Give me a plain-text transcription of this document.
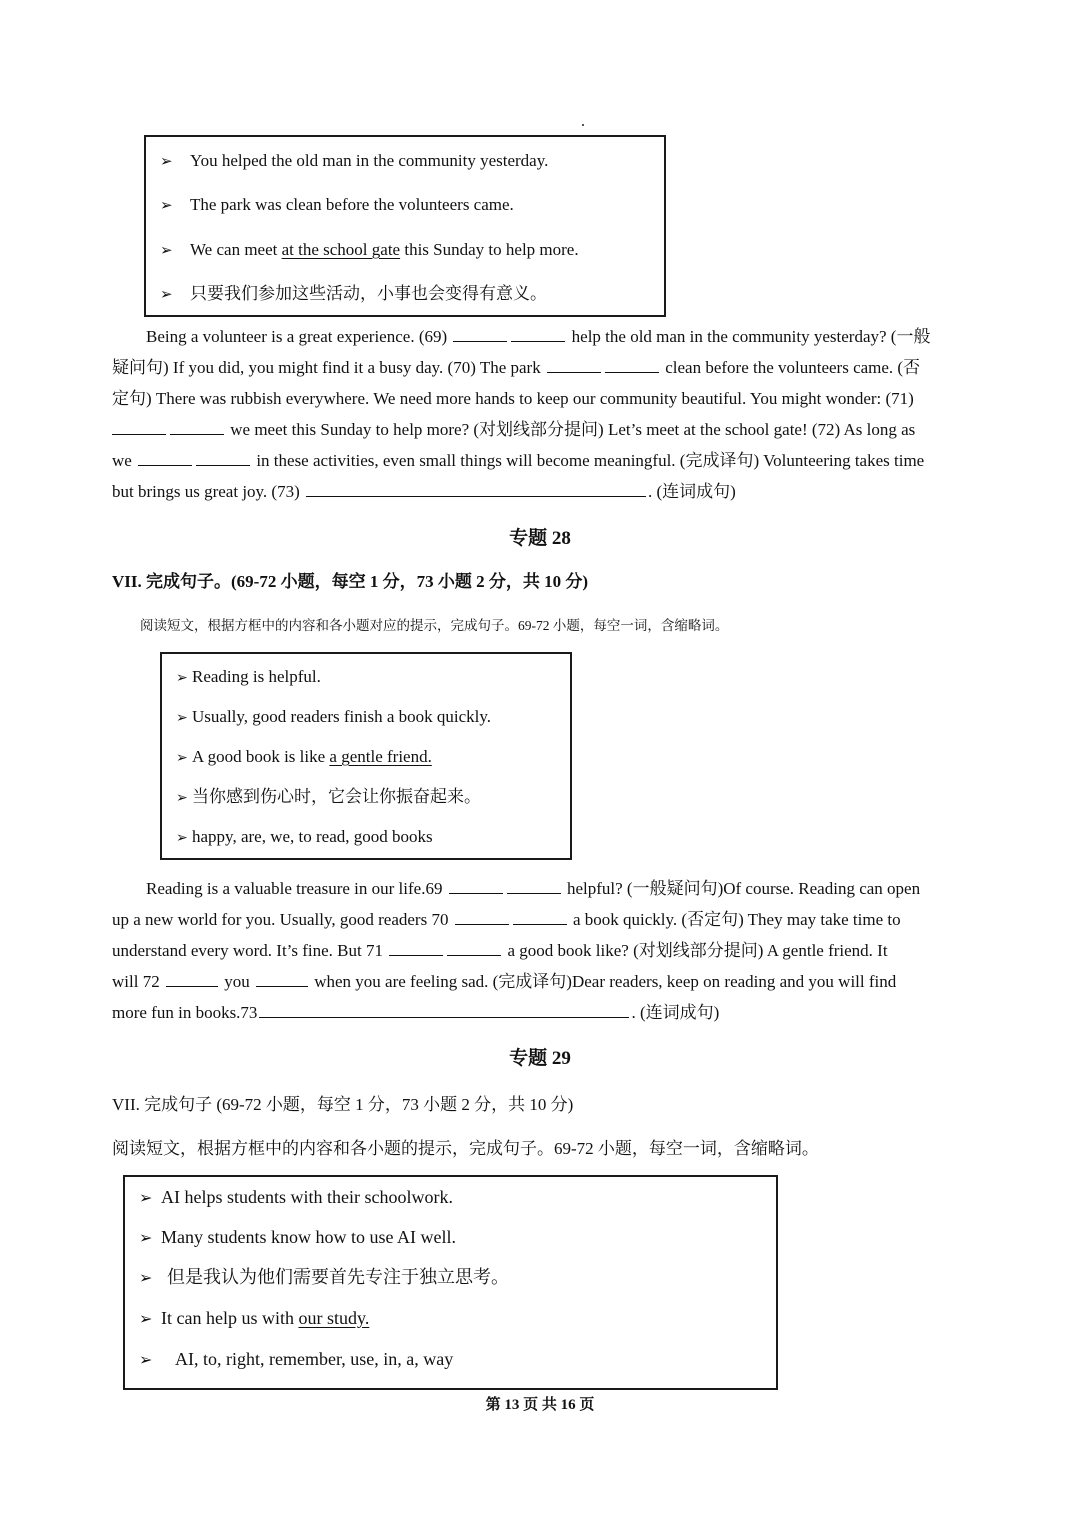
➢ You helped the old man in the community yesterday.
➢ The park was clean before the volunteers came.
➢ We can meet at the school gate this Sunday to help more.
➢ 只要我们参加这些活动，小事也会变得有意义。
Being a volunteer is a great experience. (69)	help the old man in the community yesterday? (一般
疑问句) If you did, you might find it a busy day. (70) The park	clean before the volunteers came. (否
定句) There was rubbish everywhere. We need more hands to keep our community beautiful. You might wonder: (71)
we meet this Sunday to help more? (对划线部分提问) Let’s meet at the school gate! (72) As long as
we	in these activities, even small things will become meaningful. (完成译句) Volunteering takes time
but brings us great joy. (73)	. (连词成句)
专题 28
VII. 完成句子。(69-72 小题，每空 1 分，73 小题 2 分，共 10 分)
阅读短文，根据方框中的内容和各小题对应的提示，完成句子。69-72 小题，每空一词，含缩略词。
➢ Reading is helpful.
➢ Usually, good readers finish a book quickly.
➢ A good book is like a gentle friend.
➢ 当你感到伤心时，它会让你振奋起来。
➢ happy, are, we, to read, good books
Reading is a valuable treasure in our life.69	helpful? (一般疑问句)Of course. Reading can open
up a new world for you. Usually, good readers 70	a book quickly. (否定句) They may take time to
understand every word. It’s fine. But 71	a good book like? (对划线部分提问) A gentle friend. It
will 72	you	when you are feeling sad. (完成译句)Dear readers, keep on reading and you will find
more fun in books.73	. (连词成句)
专题 29
VII. 完成句子 (69-72 小题，每空 1 分，73 小题 2 分，共 10 分)
阅读短文，根据方框中的内容和各小题的提示，完成句子。69-72 小题，每空一词，含缩略词。
➢ AI helps students with their schoolwork.
➢ Many students know how to use AI well.
➢ 但是我认为他们需要首先专注于独立思考。
➢ It can help us with our study.
➢ AI, to, right, remember, use, in, a, way
第 13 页 共 16 页
